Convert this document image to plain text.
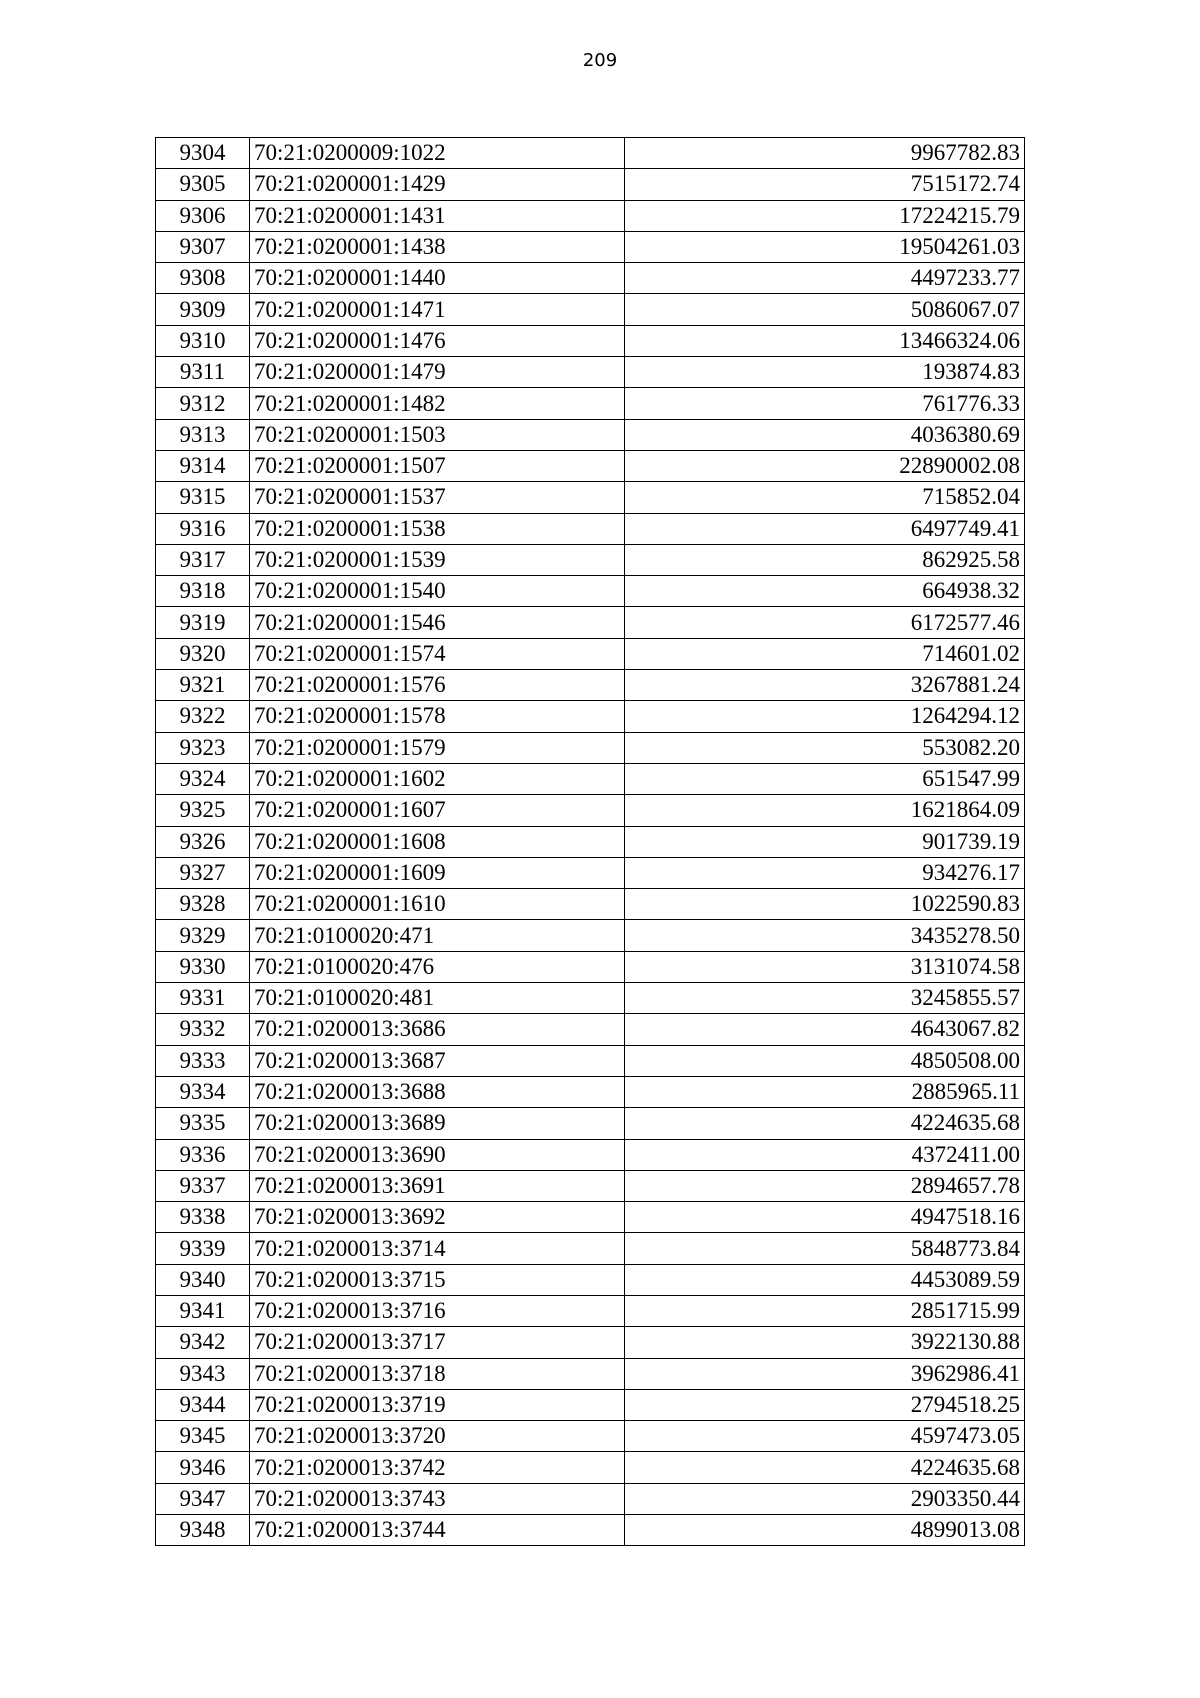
209
9304	70:21:0200009:1022	9967782.83
9305	70:21:0200001:1429	7515172.74
9306	70:21:0200001:1431	17224215.79
9307	70:21:0200001:1438	19504261.03
9308	70:21:0200001:1440	4497233.77
9309	70:21:0200001:1471	5086067.07
9310	70:21:0200001:1476	13466324.06
9311	70:21:0200001:1479	193874.83
9312	70:21:0200001:1482	761776.33
9313	70:21:0200001:1503	4036380.69
9314	70:21:0200001:1507	22890002.08
9315	70:21:0200001:1537	715852.04
9316	70:21:0200001:1538	6497749.41
9317	70:21:0200001:1539	862925.58
9318	70:21:0200001:1540	664938.32
9319	70:21:0200001:1546	6172577.46
9320	70:21:0200001:1574	714601.02
9321	70:21:0200001:1576	3267881.24
9322	70:21:0200001:1578	1264294.12
9323	70:21:0200001:1579	553082.20
9324	70:21:0200001:1602	651547.99
9325	70:21:0200001:1607	1621864.09
9326	70:21:0200001:1608	901739.19
9327	70:21:0200001:1609	934276.17
9328	70:21:0200001:1610	1022590.83
9329	70:21:0100020:471	3435278.50
9330	70:21:0100020:476	3131074.58
9331	70:21:0100020:481	3245855.57
9332	70:21:0200013:3686	4643067.82
9333	70:21:0200013:3687	4850508.00
9334	70:21:0200013:3688	2885965.11
9335	70:21:0200013:3689	4224635.68
9336	70:21:0200013:3690	4372411.00
9337	70:21:0200013:3691	2894657.78
9338	70:21:0200013:3692	4947518.16
9339	70:21:0200013:3714	5848773.84
9340	70:21:0200013:3715	4453089.59
9341	70:21:0200013:3716	2851715.99
9342	70:21:0200013:3717	3922130.88
9343	70:21:0200013:3718	3962986.41
9344	70:21:0200013:3719	2794518.25
9345	70:21:0200013:3720	4597473.05
9346	70:21:0200013:3742	4224635.68
9347	70:21:0200013:3743	2903350.44
9348	70:21:0200013:3744	4899013.08
